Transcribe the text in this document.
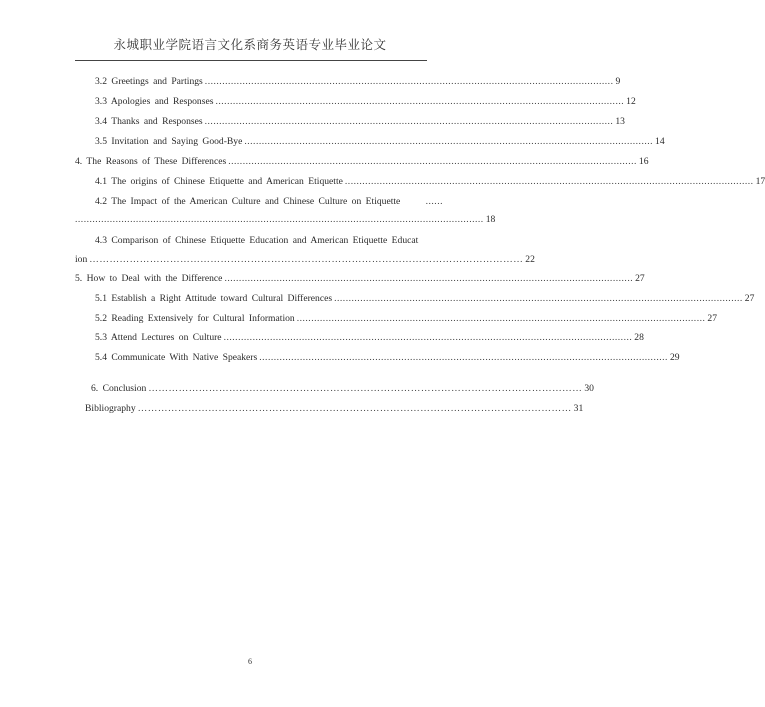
永城职业学院语言文化系商务英语专业毕业论文
3.2 Greetings and Partings ............................................................................................................................................. 9
3.3 Apologies and Responses ............................................................................................................................................. 12
3.4 Thanks and Responses ............................................................................................................................................. 13
3.5 Invitation and Saying Good-Bye ............................................................................................................................................. 14
4. The Reasons of These Differences ............................................................................................................................................. 16
4.1 The origins of Chinese Etiquette and American Etiquette ............................................................................................................................................. 17
4.2 The Impact of the American Culture and Chinese Culture on Etiquette	......
............................................................................................................................................. 18
4.3 Comparison of Chinese Etiquette Education and American Etiquette Educat
ion ………………………………………………………………………………………………………………… 22
5. How to Deal with the Difference ............................................................................................................................................. 27
5.1 Establish a Right Attitude toward Cultural Differences ............................................................................................................................................. 27
5.2 Reading Extensively for Cultural Information ............................................................................................................................................. 27
5.3 Attend Lectures on Culture ............................................................................................................................................. 28
5.4 Communicate With Native Speakers ............................................................................................................................................. 29
6. Conclusion ………………………………………………………………………………………………………………… 30
Bibliography ………………………………………………………………………………………………………………… 31
6
